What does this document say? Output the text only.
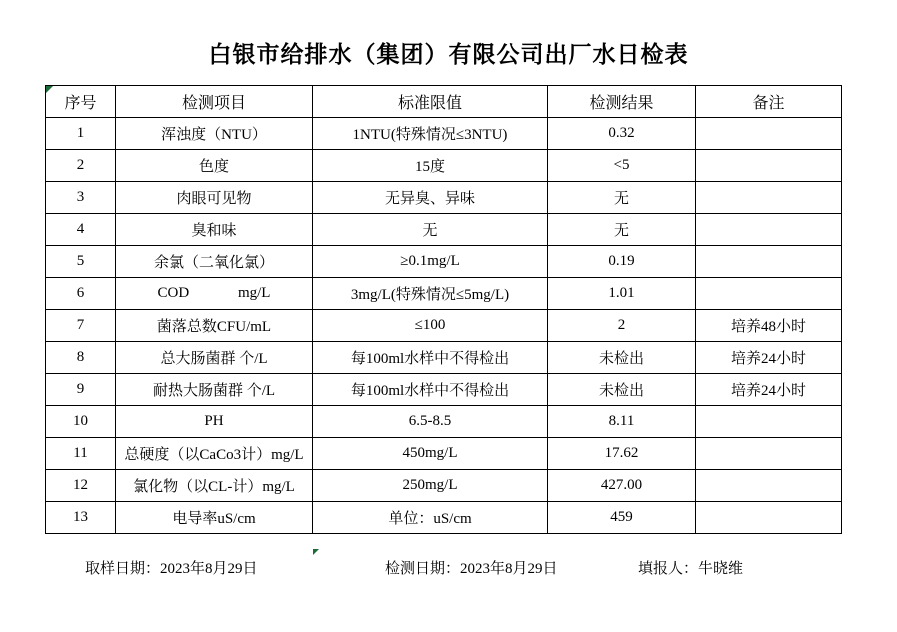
白银市给排水（集团）有限公司出厂水日检表
序号	检测项目	标准限值	检测结果	备注
1	浑浊度（NTU）	1NTU(特殊情况≤3NTU)	0.32	
2	色度	15度	<5	
3	肉眼可见物	无异臭、异味	无	
4	臭和味	无	无	
5	余氯（二氧化氯）	≥0.1mg/L	0.19	
6	COD             mg/L	3mg/L(特殊情况≤5mg/L)	1.01	
7	菌落总数CFU/mL	≤100	2	培养48小时
8	总大肠菌群 个/L	每100ml水样中不得检出	未检出	培养24小时
9	耐热大肠菌群 个/L	每100ml水样中不得检出	未检出	培养24小时
10	PH	6.5-8.5	8.11	
11	总硬度（以CaCo3计）mg/L	450mg/L	17.62	
12	氯化物（以CL-计）mg/L	250mg/L	427.00	
13	电导率uS/cm	单位：uS/cm	459	
取样日期：2023年8月29日	检测日期：2023年8月29日	填报人：牛晓维
